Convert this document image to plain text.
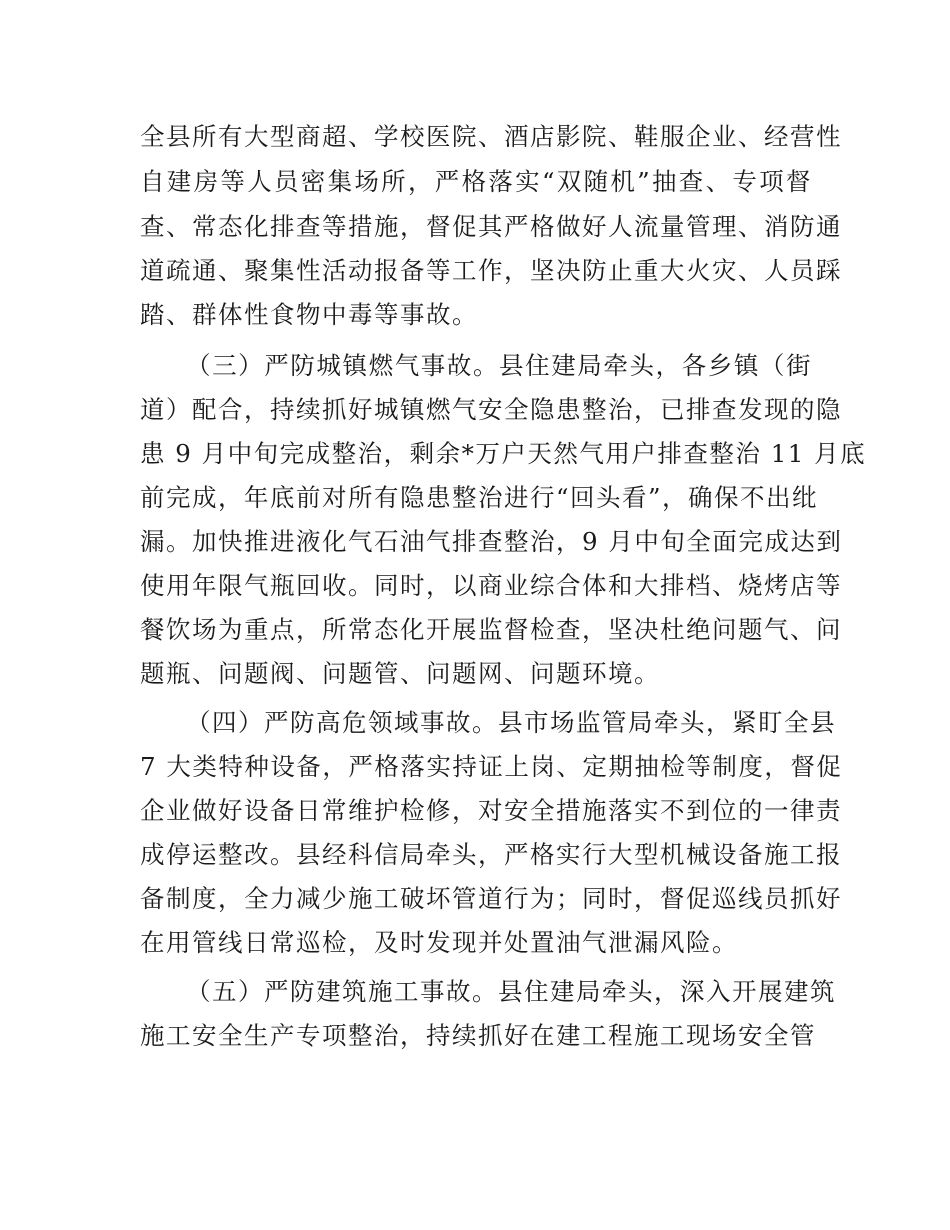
全县所有大型商超、学校医院、酒店影院、鞋服企业、经营性
自建房等人员密集场所，严格落实“双随机”抽查、专项督
查、常态化排查等措施，督促其严格做好人流量管理、消防通
道疏通、聚集性活动报备等工作，坚决防止重大火灾、人员踩
踏、群体性食物中毒等事故。
（三）严防城镇燃气事故。县住建局牵头，各乡镇（街
道）配合，持续抓好城镇燃气安全隐患整治，已排查发现的隐
患 9 月中旬完成整治，剩余*万户天然气用户排查整治 11 月底
前完成，年底前对所有隐患整治进行“回头看”，确保不出纰
漏。加快推进液化气石油气排查整治，9 月中旬全面完成达到
使用年限气瓶回收。同时，以商业综合体和大排档、烧烤店等
餐饮场为重点，所常态化开展监督检查，坚决杜绝问题气、问
题瓶、问题阀、问题管、问题网、问题环境。
（四）严防高危领域事故。县市场监管局牵头，紧盯全县
7 大类特种设备，严格落实持证上岗、定期抽检等制度，督促
企业做好设备日常维护检修，对安全措施落实不到位的一律责
成停运整改。县经科信局牵头，严格实行大型机械设备施工报
备制度，全力减少施工破坏管道行为；同时，督促巡线员抓好
在用管线日常巡检，及时发现并处置油气泄漏风险。
（五）严防建筑施工事故。县住建局牵头，深入开展建筑
施工安全生产专项整治，持续抓好在建工程施工现场安全管
